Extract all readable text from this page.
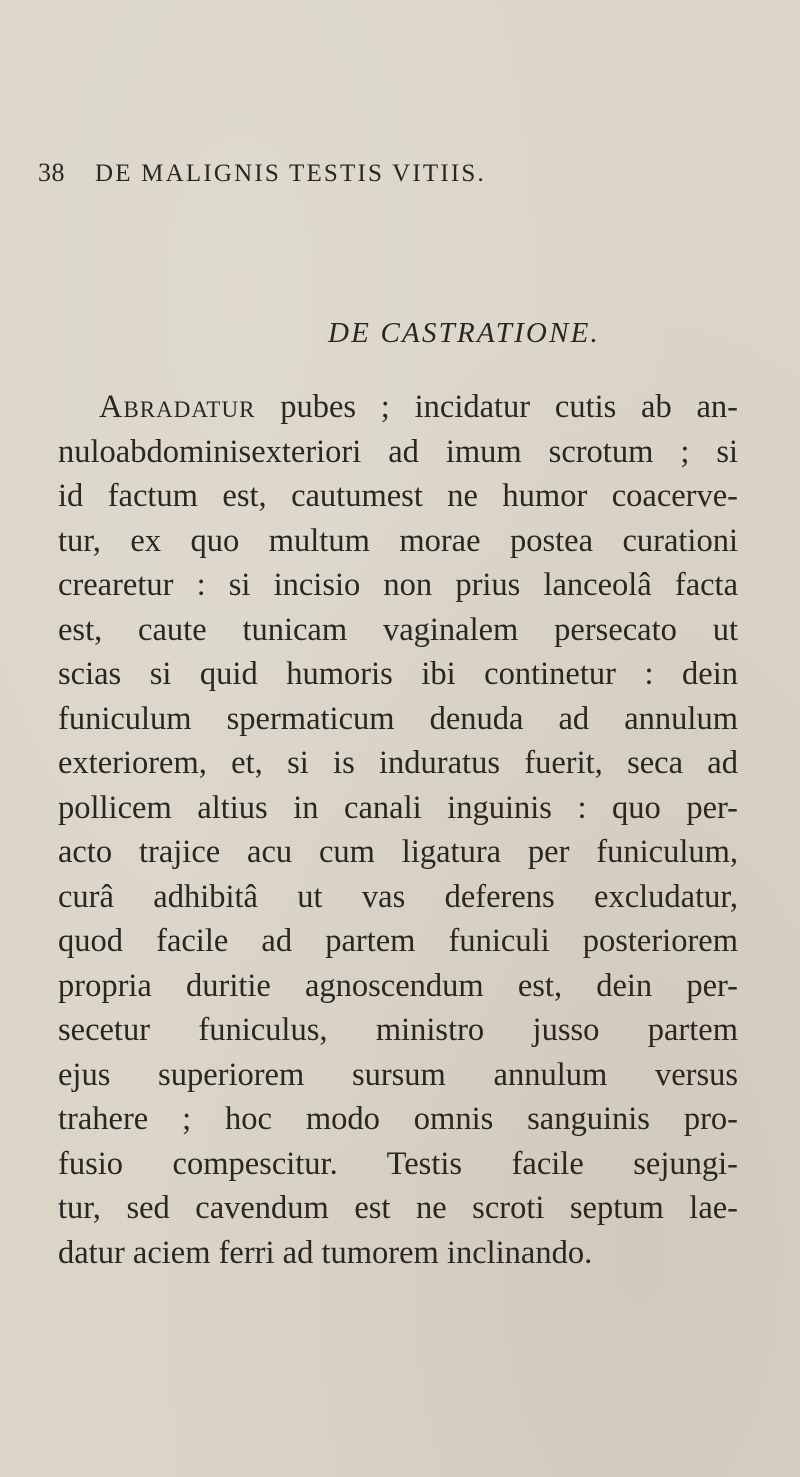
38 DE MALIGNIS TESTIS VITIIS.
DE CASTRATIONE.
Abradatur pubes ; incidatur cutis ab an-
nuloabdominisexteriori ad imum scrotum ; si
id factum est, cautumest ne humor coacerve-
tur, ex quo multum morae postea curationi
crearetur : si incisio non prius lanceolâ facta
est, caute tunicam vaginalem persecato ut
scias si quid humoris ibi continetur : dein
funiculum spermaticum denuda ad annulum
exteriorem, et, si is induratus fuerit, seca ad
pollicem altius in canali inguinis : quo per-
acto trajice acu cum ligatura per funiculum,
curâ adhibitâ ut vas deferens excludatur,
quod facile ad partem funiculi posteriorem
propria duritie agnoscendum est, dein per-
secetur funiculus, ministro jusso partem
ejus superiorem sursum annulum versus
trahere ; hoc modo omnis sanguinis pro-
fusio compescitur. Testis facile sejungi-
tur, sed cavendum est ne scroti septum lae-
datur aciem ferri ad tumorem inclinando.
